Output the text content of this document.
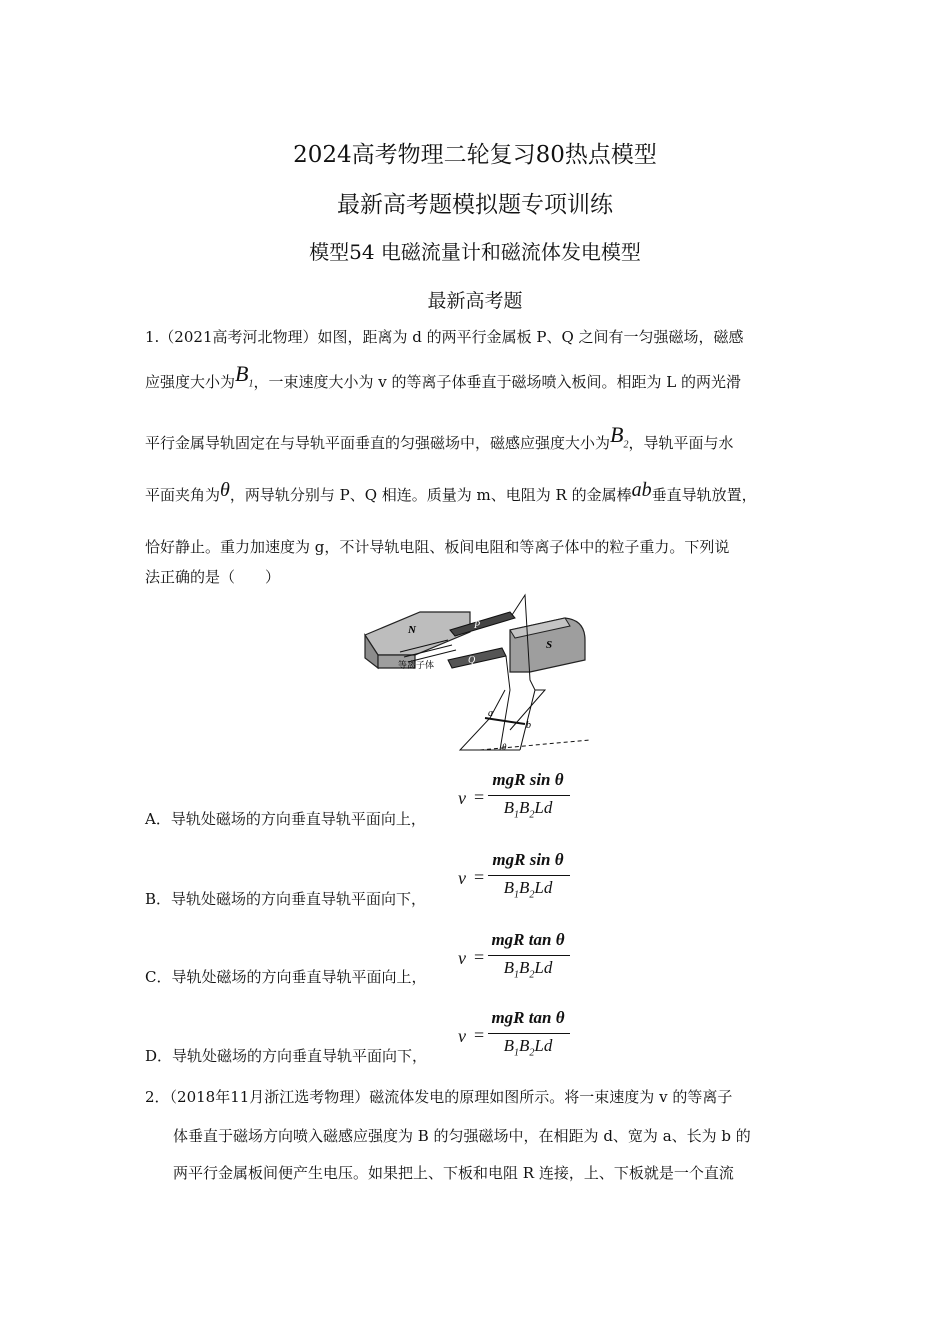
2024高考物理二轮复习80热点模型
最新高考题模拟题专项训练
模型54 电磁流量计和磁流体发电模型
最新高考题
1.（2021高考河北物理）如图，距离为 d 的两平行金属板 P、Q 之间有一匀强磁场，磁感
应强度大小为$B_1$，一束速度大小为 v 的等离子体垂直于磁场喷入板间。相距为 L 的两光滑
平行金属导轨固定在与导轨平面垂直的匀强磁场中，磁感应强度大小为$B_2$，导轨平面与水
平面夹角为θ，两导轨分别与 P、Q 相连。质量为 m、电阻为 R 的金属棒ab垂直导轨放置，
恰好静止。重力加速度为 g，不计导轨电阻、板间电阻和等离子体中的粒子重力。下列说
法正确的是（　　）
N	P
Q
等离子体
S
a
b
θ
A．导轨处磁场的方向垂直导轨平面向上，
v =
mgR sin θ
$B_1B_2Ld$
B．导轨处磁场的方向垂直导轨平面向下，
v =
mgR sin θ
$B_1B_2Ld$
C．导轨处磁场的方向垂直导轨平面向上，
v =
mgR tan θ
$B_1B_2Ld$
D．导轨处磁场的方向垂直导轨平面向下，
v =
mgR tan θ
$B_1B_2Ld$
2．（2018年11月浙江选考物理）磁流体发电的原理如图所示。将一束速度为 v 的等离子
体垂直于磁场方向喷入磁感应强度为 B 的匀强磁场中，在相距为 d、宽为 a、长为 b 的
两平行金属板间便产生电压。如果把上、下板和电阻 R 连接，上、下板就是一个直流
